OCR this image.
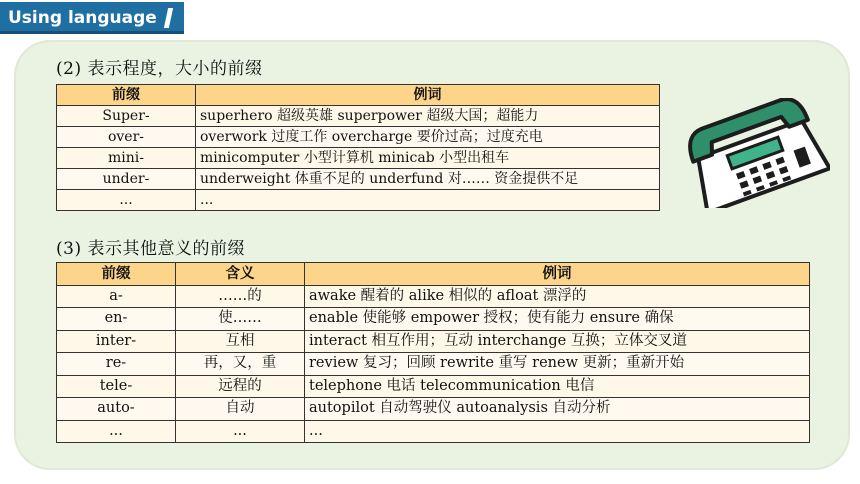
Using language
(2) 表示程度，大小的前缀
前缀	例词
Super-	superhero 超级英雄 superpower 超级大国；超能力
over-	overwork 过度工作 overcharge 要价过高；过度充电
mini-	minicomputer 小型计算机 minicab 小型出租车
under-	underweight 体重不足的 underfund 对…… 资金提供不足
...	...
(3) 表示其他意义的前缀
前缀	含义	例词
a-	……的	awake 醒着的 alike 相似的 afloat 漂浮的
en-	使……	enable 使能够 empower 授权；使有能力 ensure 确保
inter-	互相	interact 相互作用；互动 interchange 互换；立体交叉道
re-	再，又，重	review 复习；回顾 rewrite 重写 renew 更新；重新开始
tele-	远程的	telephone 电话 telecommunication 电信
auto-	自动	autopilot 自动驾驶仪 autoanalysis 自动分析
...	...	...
